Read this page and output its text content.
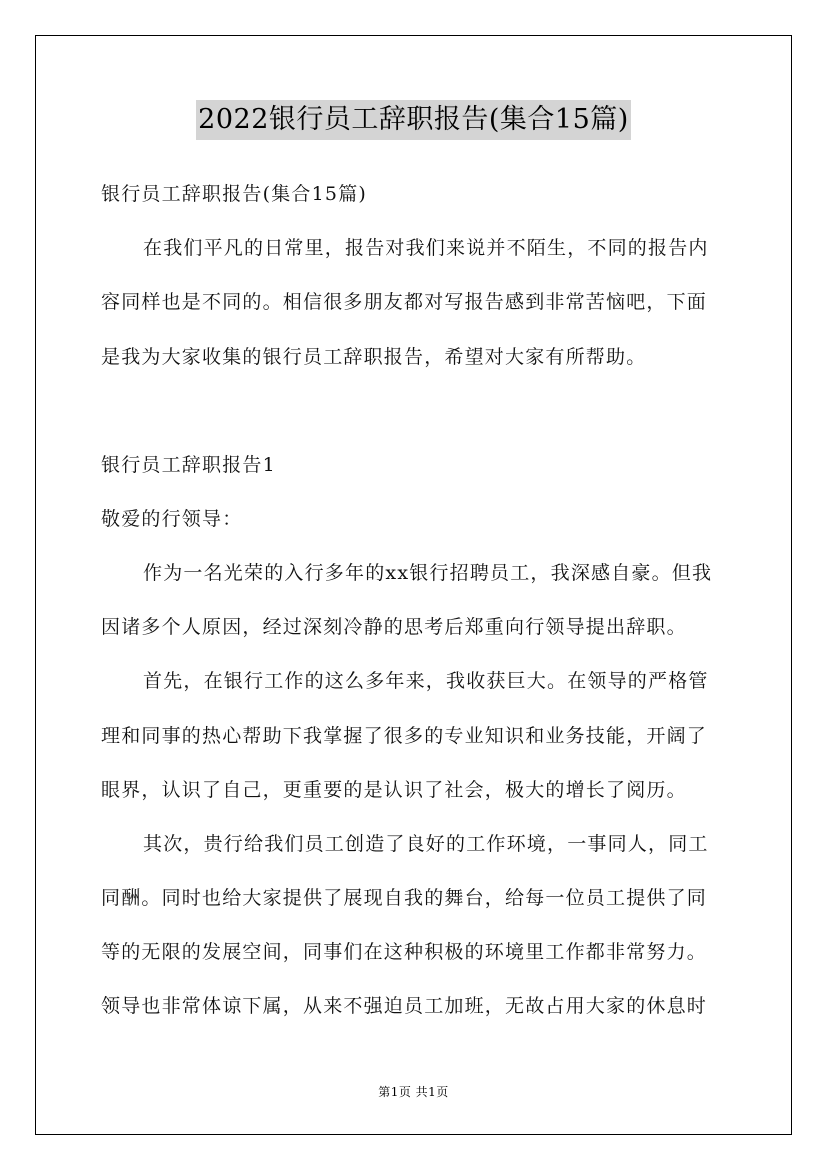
2022银行员工辞职报告(集合15篇)
银行员工辞职报告(集合15篇)
在我们平凡的日常里，报告对我们来说并不陌生，不同的报告内
容同样也是不同的。相信很多朋友都对写报告感到非常苦恼吧，下面
是我为大家收集的银行员工辞职报告，希望对大家有所帮助。
银行员工辞职报告1
敬爱的行领导：
作为一名光荣的入行多年的xx银行招聘员工，我深感自豪。但我
因诸多个人原因，经过深刻冷静的思考后郑重向行领导提出辞职。
首先，在银行工作的这么多年来，我收获巨大。在领导的严格管
理和同事的热心帮助下我掌握了很多的专业知识和业务技能，开阔了
眼界，认识了自己，更重要的是认识了社会，极大的增长了阅历。
其次，贵行给我们员工创造了良好的工作环境，一事同人，同工
同酬。同时也给大家提供了展现自我的舞台，给每一位员工提供了同
等的无限的发展空间，同事们在这种积极的环境里工作都非常努力。
领导也非常体谅下属，从来不强迫员工加班，无故占用大家的休息时
第1页 共1页
